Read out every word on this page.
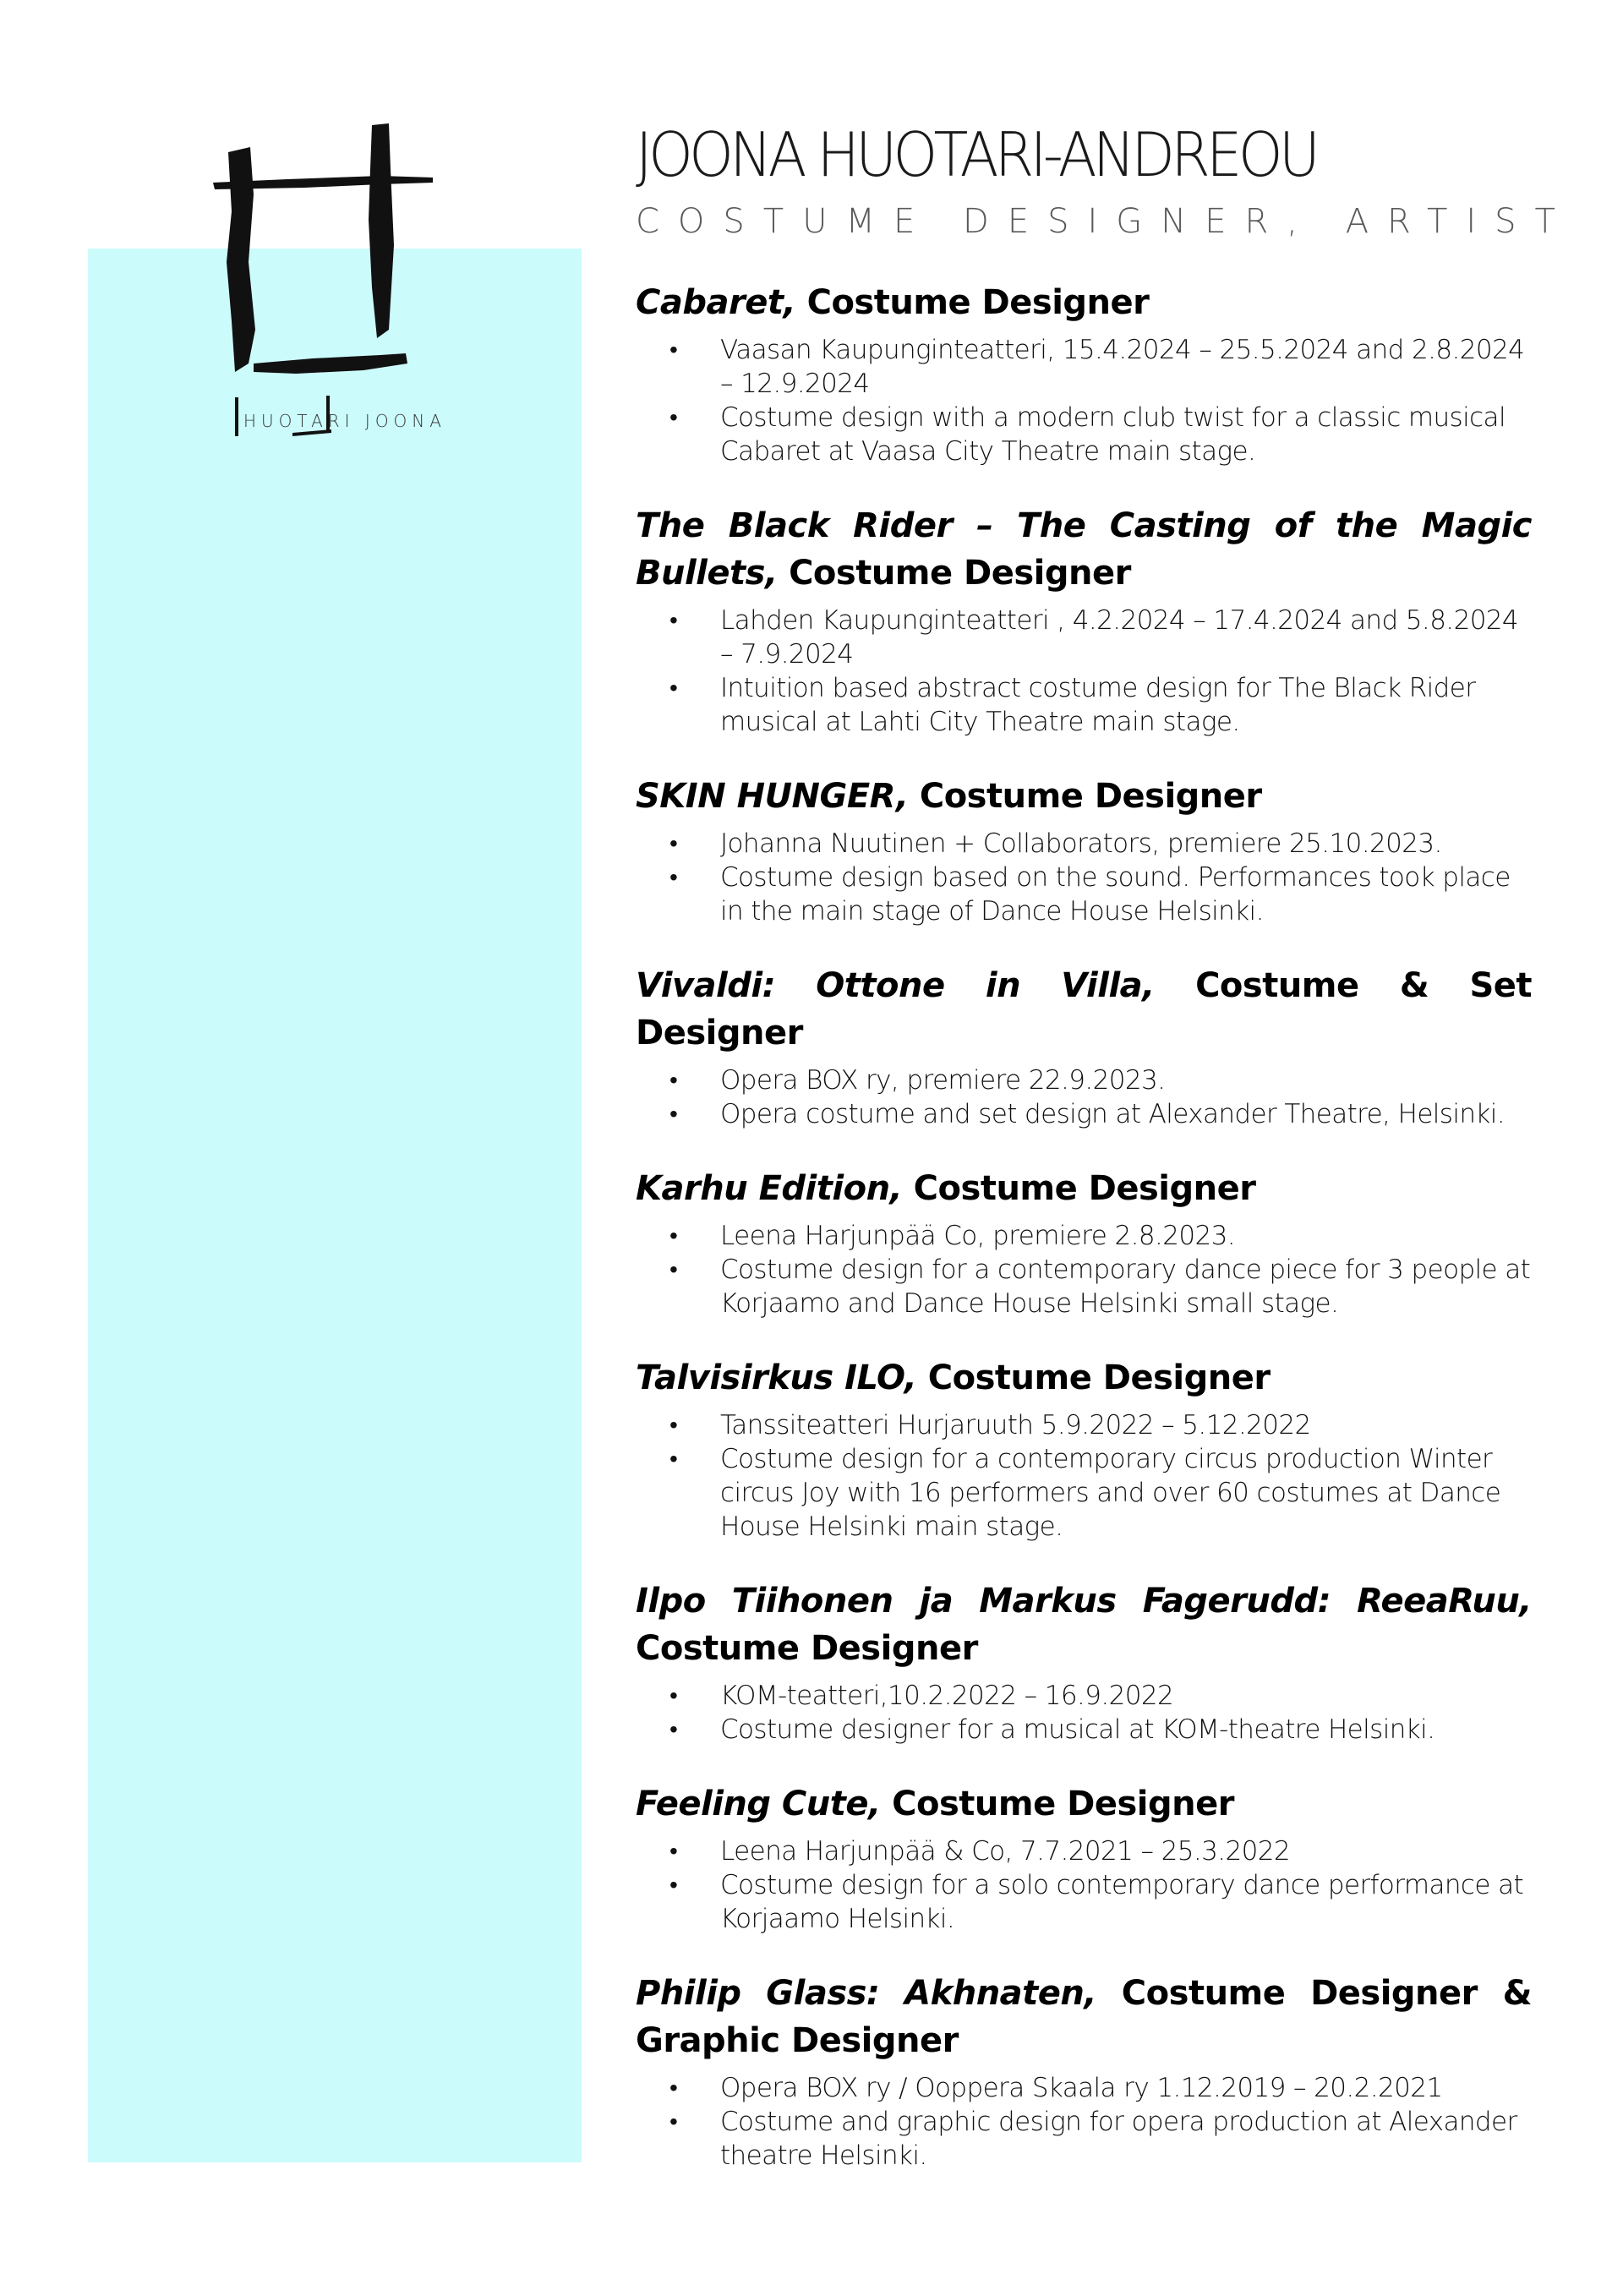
HUOTARI JOONA
JOONA HUOTARI-ANDREOU
COSTUME DESIGNER, ARTIST
Cabaret, Costume Designer
• Vaasan Kaupunginteatteri, 15.4.2024 – 25.5.2024 and 2.8.2024 – 12.9.2024
• Costume design with a modern club twist for a classic musical Cabaret at Vaasa City Theatre main stage.
The Black Rider – The Casting of the Magic Bullets, Costume Designer
• Lahden Kaupunginteatteri , 4.2.2024 – 17.4.2024 and 5.8.2024 – 7.9.2024
• Intuition based abstract costume design for The Black Rider musical at Lahti City Theatre main stage.
SKIN HUNGER, Costume Designer
• Johanna Nuutinen + Collaborators, premiere 25.10.2023.
• Costume design based on the sound. Performances took place in the main stage of Dance House Helsinki.
Vivaldi: Ottone in Villa, Costume & Set Designer
• Opera BOX ry, premiere 22.9.2023.
• Opera costume and set design at Alexander Theatre, Helsinki.
Karhu Edition, Costume Designer
• Leena Harjunpää Co, premiere 2.8.2023.
• Costume design for a contemporary dance piece for 3 people at Korjaamo and Dance House Helsinki small stage.
Talvisirkus ILO, Costume Designer
• Tanssiteatteri Hurjaruuth 5.9.2022 – 5.12.2022
• Costume design for a contemporary circus production Winter circus Joy with 16 performers and over 60 costumes at Dance House Helsinki main stage.
Ilpo Tiihonen ja Markus Fagerudd: ReeaRuu, Costume Designer
• KOM-teatteri,10.2.2022 – 16.9.2022
• Costume designer for a musical at KOM-theatre Helsinki.
Feeling Cute, Costume Designer
• Leena Harjunpää & Co, 7.7.2021 – 25.3.2022
• Costume design for a solo contemporary dance performance at Korjaamo Helsinki.
Philip Glass: Akhnaten, Costume Designer & Graphic Designer
• Opera BOX ry / Ooppera Skaala ry 1.12.2019 – 20.2.2021
• Costume and graphic design for opera production at Alexander theatre Helsinki.
